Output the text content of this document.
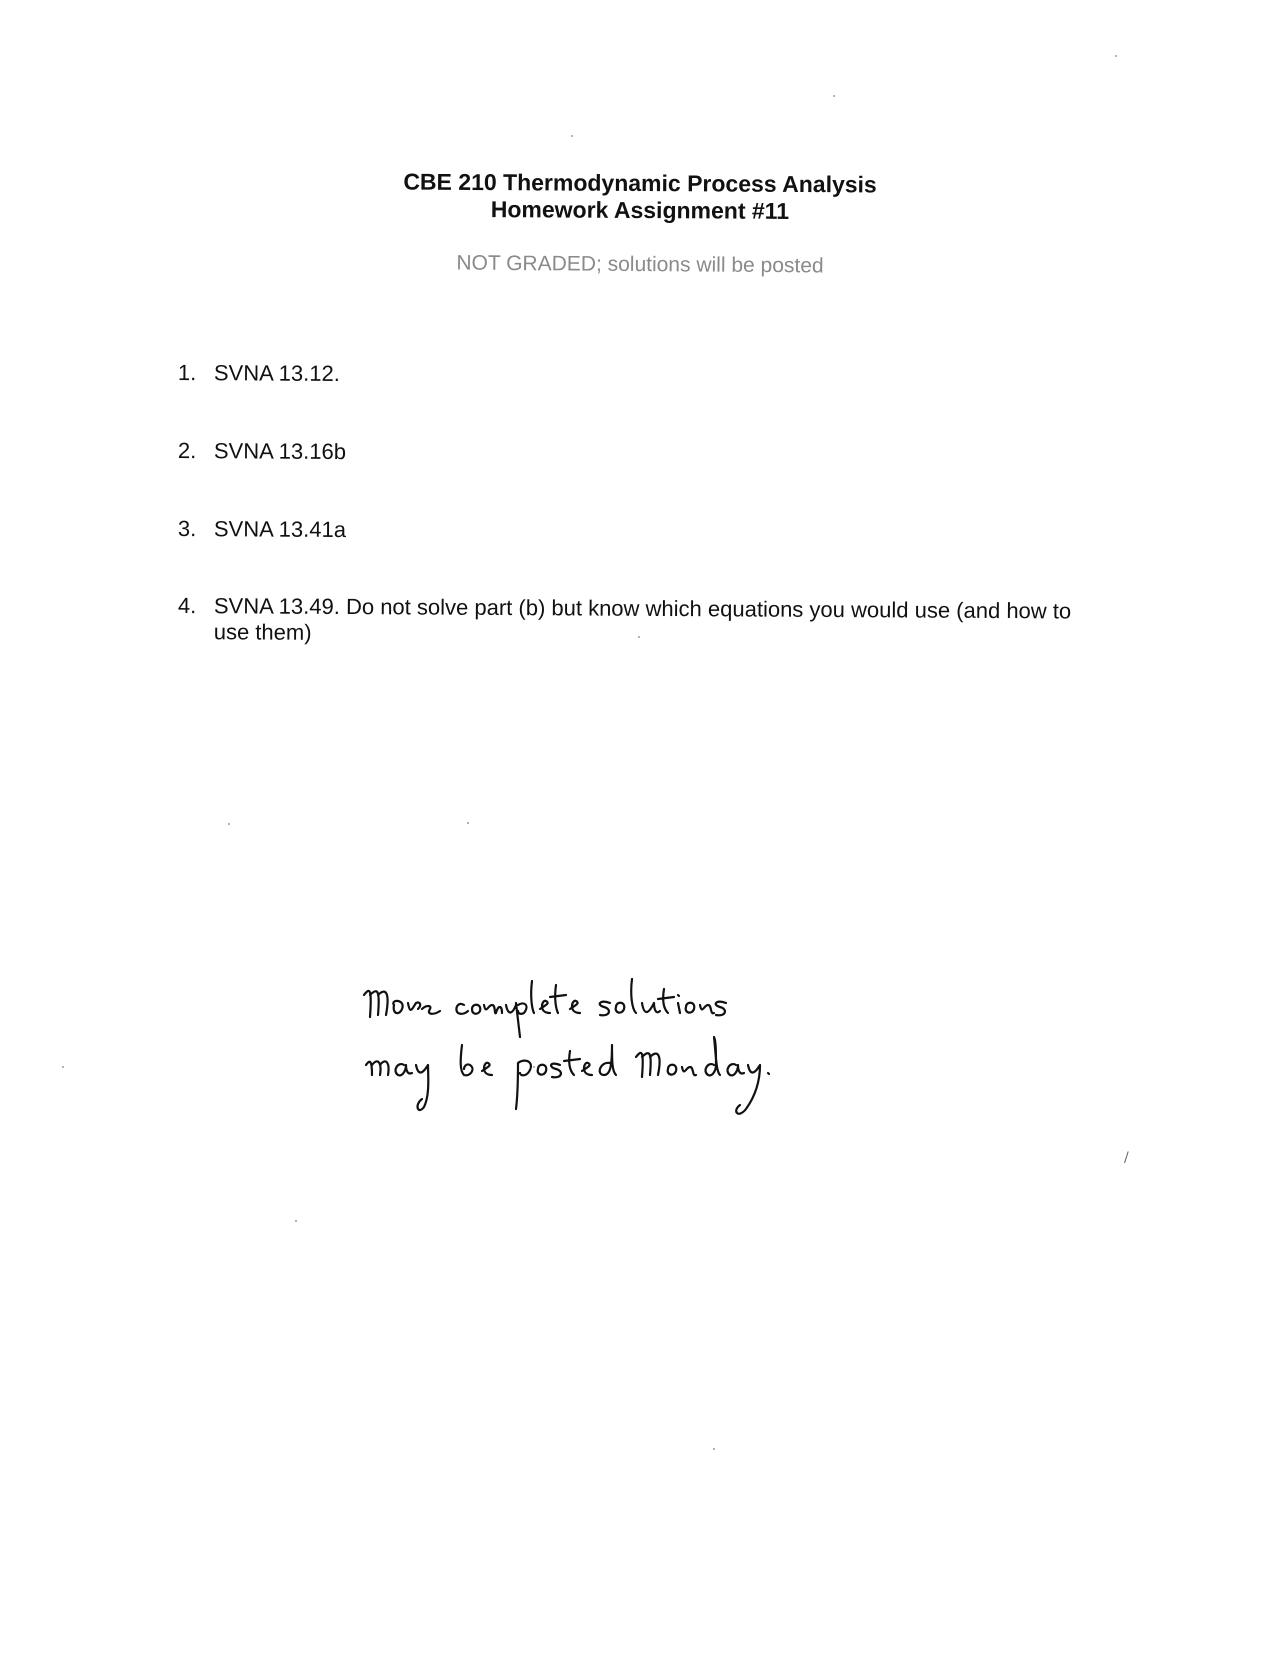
CBE 210 Thermodynamic Process Analysis
Homework Assignment #11
NOT GRADED; solutions will be posted
1. SVNA 13.12.
2. SVNA 13.16b
3. SVNA 13.41a
4. SVNA 13.49. Do not solve part (b) but know which equations you would use (and how to use them)
/
